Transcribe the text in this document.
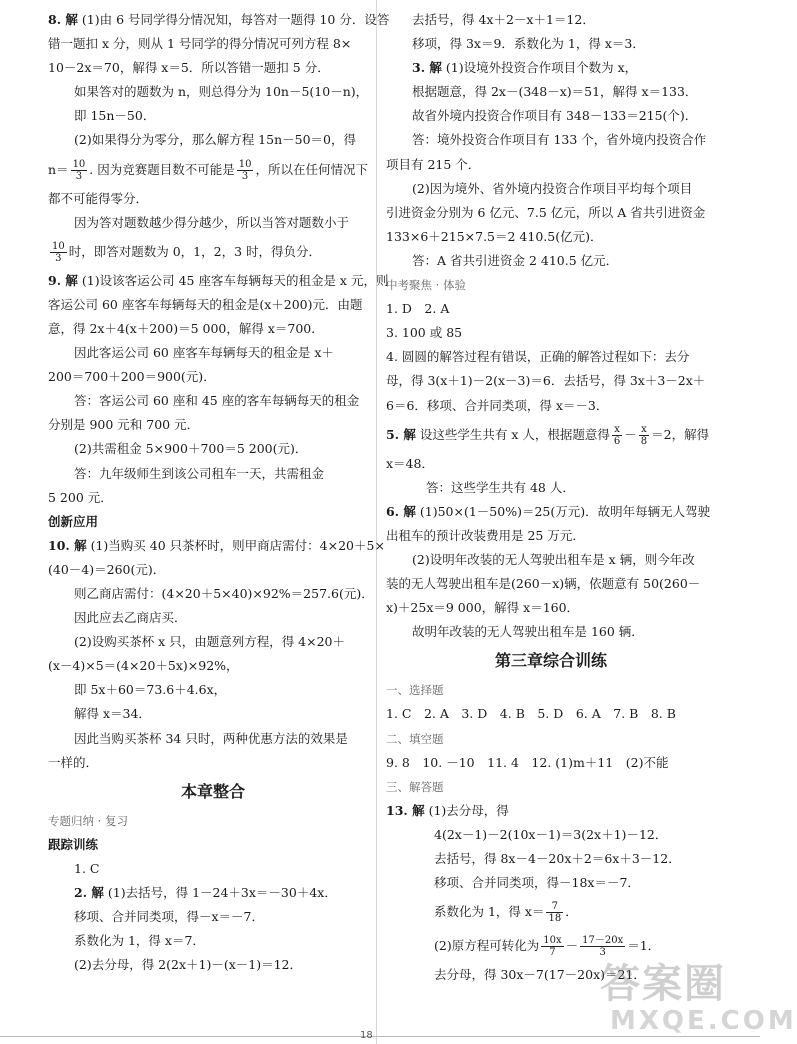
8. 解 (1)由 6 号同学得分情况知，每答对一题得 10 分．设答
错一题扣 x 分，则从 1 号同学的得分情况可列方程 8×
10－2x＝70，解得 x＝5．所以答错一题扣 5 分．
如果答对的题数为 n，则总得分为 10n－5(10－n)，
即 15n－50．
(2)如果得分为零分，那么解方程 15n－50＝0，得
$n= \frac{10}{3}$ . 因为竞赛题目数不可能是 $\frac{10}{3}$ ，所以在任何情况下
都不可能得零分．
因为答对题数越少得分越少，所以当答对题数小于
$\frac{10}{3}$ 时，即答对题数为 0，1，2，3 时，得负分．
9. 解 (1)设该客运公司 45 座客车每辆每天的租金是 x 元，则
客运公司 60 座客车每辆每天的租金是(x＋200)元．由题
意，得 2x＋4(x＋200)＝5 000，解得 x＝700．
因此客运公司 60 座客车每辆每天的租金是 x＋
200＝700＋200＝900(元)．
答：客运公司 60 座和 45 座的客车每辆每天的租金
分别是 900 元和 700 元．
(2)共需租金 5×900＋700＝5 200(元)．
答：九年级师生到该公司租车一天，共需租金
5 200 元．
创新应用
10. 解 (1)当购买 40 只茶杯时，则甲商店需付：4×20＋5×
(40－4)＝260(元)．
则乙商店需付：(4×20＋5×40)×92%＝257.6(元)．
因此应去乙商店买．
(2)设购买茶杯 x 只，由题意列方程，得 4×20＋
(x－4)×5＝(4×20＋5x)×92%，
即 5x＋60＝73.6＋4.6x，
解得 x＝34．
因此当购买茶杯 34 只时，两种优惠方法的效果是
一样的．
本章整合
专题归纳 · 复习
跟踪训练
1. C
2. 解 (1)去括号，得 1－24＋3x＝－30＋4x．
移项、合并同类项，得－x＝－7．
系数化为 1，得 x＝7．
(2)去分母，得 2(2x＋1)－(x－1)＝12．
去括号，得 4x＋2－x＋1＝12．
移项，得 3x＝9．系数化为 1，得 x＝3．
3. 解 (1)设境外投资合作项目个数为 x，
根据题意，得 2x－(348－x)＝51，解得 x＝133．
故省外境内投资合作项目有 348－133＝215(个)．
答：境外投资合作项目有 133 个，省外境内投资合作
项目有 215 个．
(2)因为境外、省外境内投资合作项目平均每个项目
引进资金分别为 6 亿元、7.5 亿元，所以 A 省共引进资金
133×6＋215×7.5＝2 410.5(亿元)．
答：A 省共引进资金 2 410.5 亿元．
中考聚焦 · 体验
1. D　2. A
3. 100 或 85
4. 圆圆的解答过程有错误，正确的解答过程如下：去分
母，得 3(x＋1)－2(x－3)＝6．去括号，得 3x＋3－2x＋
6＝6．移项、合并同类项，得 x＝－3．
5. 解 设这些学生共有 x 人，根据题意得 $\frac{x}{6} - \frac{x}{8} =2$，解得
x＝48．
答：这些学生共有 48 人．
6. 解 (1)50×(1－50%)＝25(万元)．故明年每辆无人驾驶
出租车的预计改装费用是 25 万元．
(2)设明年改装的无人驾驶出租车是 x 辆，则今年改
装的无人驾驶出租车是(260－x)辆，依题意有 50(260－
x)＋25x＝9 000，解得 x＝160．
故明年改装的无人驾驶出租车是 160 辆．
第三章综合训练
一、选择题
1. C　2. A　3. D　4. B　5. D　6. A　7. B　8. B
二、填空题
9. 8　10. －10　11. 4　12. (1)m＋11　(2)不能
三、解答题
13. 解 (1)去分母，得
4(2x－1)－2(10x－1)＝3(2x＋1)－12．
去括号，得 8x－4－20x＋2＝6x＋3－12．
移项、合并同类项，得－18x＝－7．
系数化为 1，得 $x= \frac{7}{18}$ ．
(2)原方程可转化为 $\frac{10x}{7} - \frac{17-20x}{3} =1$．
去分母，得 30x－7(17－20x)＝21．
18
答案圈
MXQE.COM
